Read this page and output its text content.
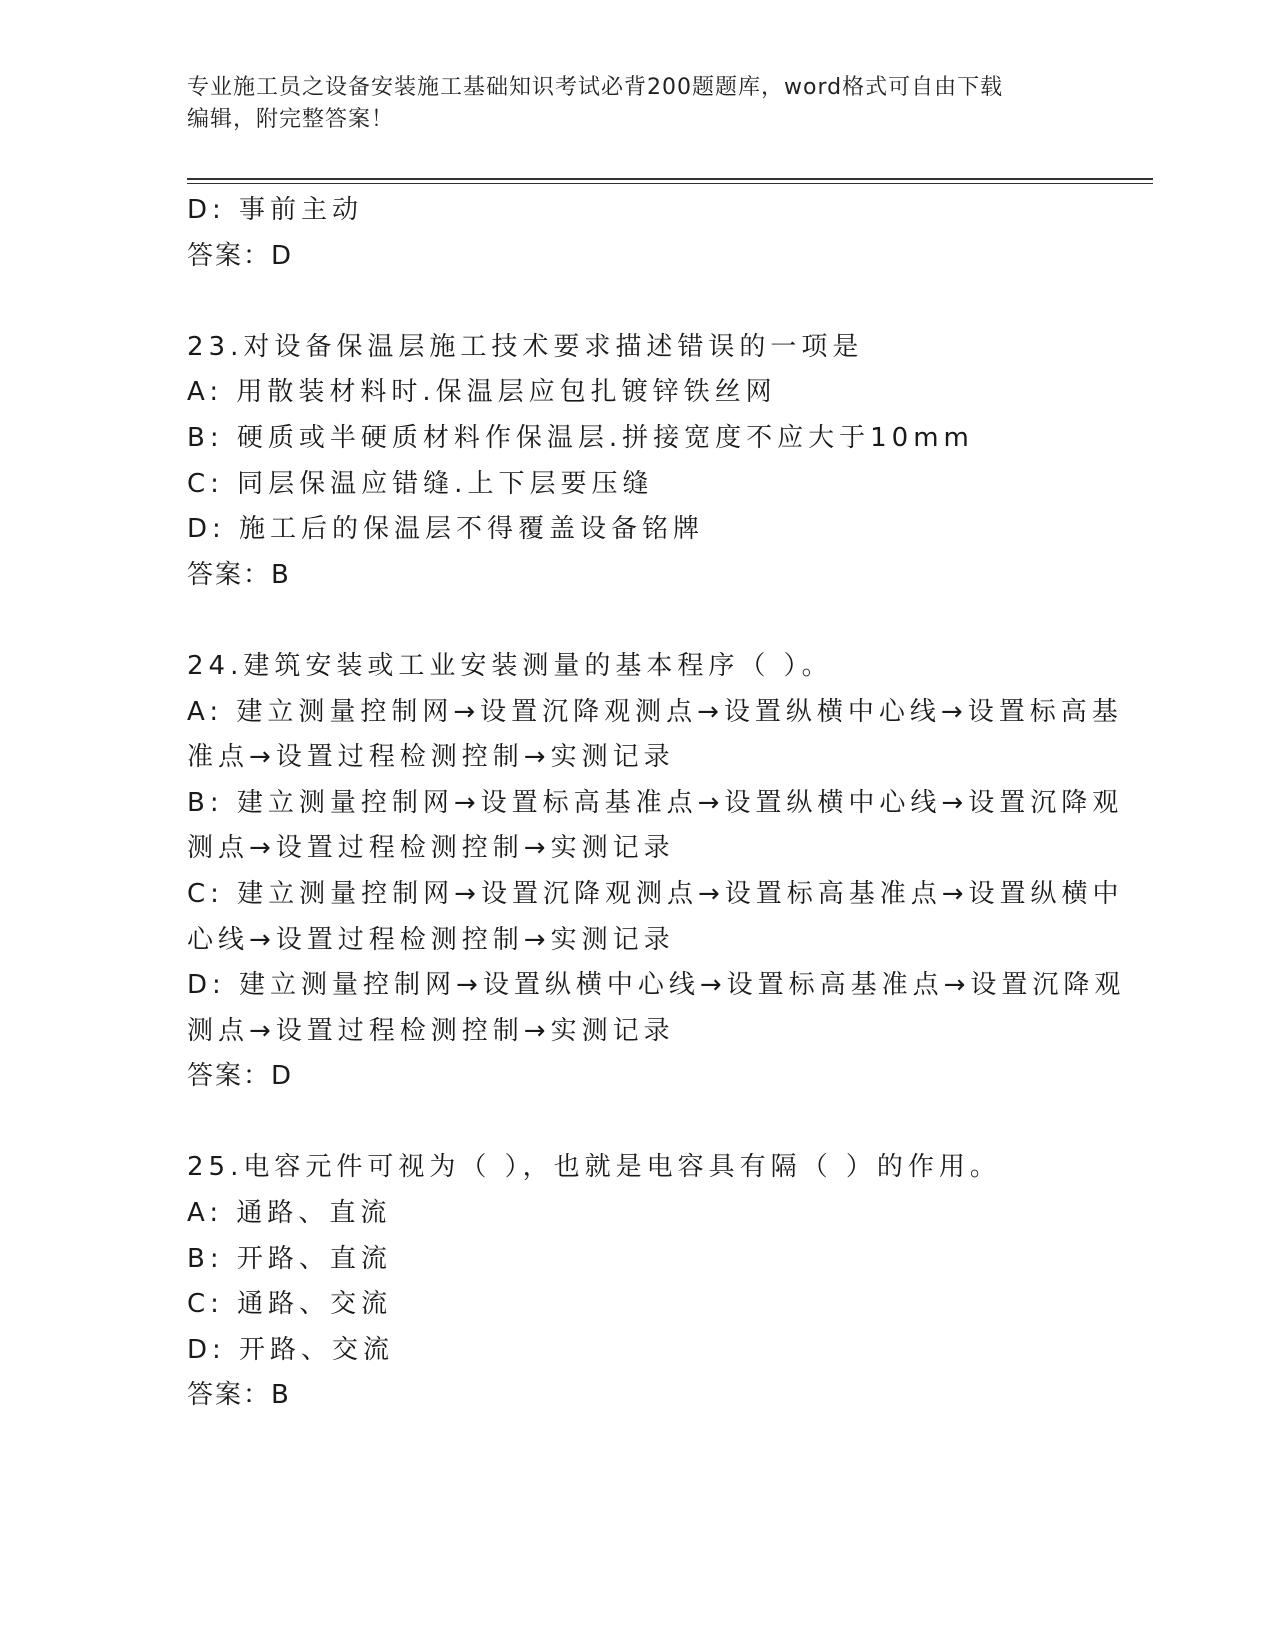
专业施工员之设备安装施工基础知识考试必背200题题库，word格式可自由下载
编辑，附完整答案！
D: 事前主动
答案：D
23.对设备保温层施工技术要求描述错误的一项是
A: 用散装材料时.保温层应包扎镀锌铁丝网
B: 硬质或半硬质材料作保温层.拼接宽度不应大于10mm
C: 同层保温应错缝.上下层要压缝
D: 施工后的保温层不得覆盖设备铭牌
答案：B
24.建筑安装或工业安装测量的基本程序（ ）。
A: 建立测量控制网→设置沉降观测点→设置纵横中心线→设置标高基
准点→设置过程检测控制→实测记录
B: 建立测量控制网→设置标高基准点→设置纵横中心线→设置沉降观
测点→设置过程检测控制→实测记录
C: 建立测量控制网→设置沉降观测点→设置标高基准点→设置纵横中
心线→设置过程检测控制→实测记录
D: 建立测量控制网→设置纵横中心线→设置标高基准点→设置沉降观
测点→设置过程检测控制→实测记录
答案：D
25.电容元件可视为（ ），也就是电容具有隔（ ）的作用。
A: 通路、直流
B: 开路、直流
C: 通路、交流
D: 开路、交流
答案：B
